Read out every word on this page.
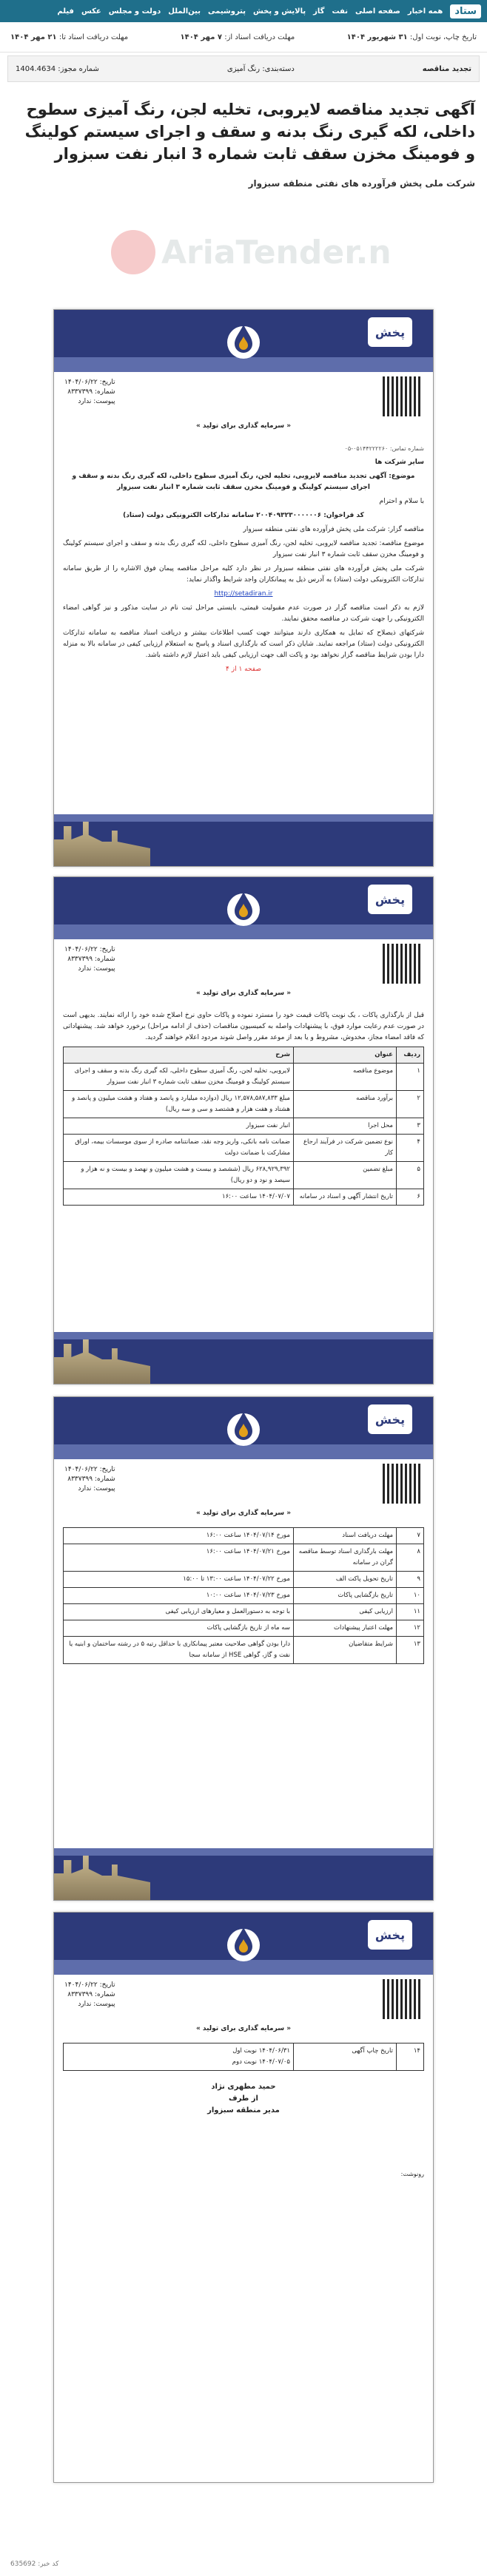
ستاد
همه اخبار
صفحه اصلی
نفت
گاز
پالایش و پخش
پتروشیمی
بین‌الملل
دولت و مجلس
عکس
فیلم
تاریخ چاپ، نوبت اول: ۳۱ شهریور ۱۴۰۴
مهلت دریافت اسناد از: ۷ مهر ۱۴۰۴
مهلت دریافت اسناد تا: ۲۱ مهر ۱۴۰۴
تجدید مناقصه
دسته‌بندی: رنگ آمیزی
شماره مجوز: 1404.4634
آگهی تجدید مناقصه لایروبی، تخلیه لجن، رنگ آمیزی سطوح داخلی، لکه گیری رنگ بدنه و سقف و اجرای سیستم کولینگ و فومینگ مخزن سقف ثابت شماره 3 انبار نفت سبزوار
شرکت ملی پخش فرآورده های نفتی منطقه سبزوار
AriaTender.n
پخش
تاریخ: ۱۴۰۴/۰۶/۲۲
شماره: ۸۳۳۷۳۹۹
پیوست: ندارد
« سرمایه گذاری برای تولید »

شماره تماس: ۰۵۱۴۴۲۲۲۲۶۰-۰۵

سایر شرکت ها

موضوع: آگهی تجدید مناقصه لایروبی، تخلیه لجن، رنگ آمیزی سطوح داخلی، لکه گیری رنگ بدنه و سقف و اجرای سیستم کولینگ و فومینگ مخزن سقف ثابت شماره ۳ انبار نفت سبزوار

با سلام و احترام

کد فراخوان: ۲۰۰۴۰۹۳۲۳۰۰۰۰۰۰۶ سامانه تدارکات الکترونیکی دولت (ستاد)

مناقصه گزار: شرکت ملی پخش فرآورده های نفتی منطقه سبزوار

موضوع مناقصه: تجدید مناقصه لایروبی، تخلیه لجن، رنگ آمیزی سطوح داخلی، لکه گیری رنگ بدنه و سقف و اجرای سیستم کولینگ و فومینگ مخزن سقف ثابت شماره ۳ انبار نفت سبزوار

شرکت ملی پخش فرآورده های نفتی منطقه سبزوار در نظر دارد کلیه مراحل مناقصه پیمان فوق الاشاره را از طریق سامانه تدارکات الکترونیکی دولت (ستاد) به آدرس ذیل به پیمانکاران واجد شرایط واگذار نماید:

http://setadiran.ir

لازم به ذکر است مناقصه گزار در صورت عدم مقبولیت قیمتی، بایستی مراحل ثبت نام در سایت مذکور و نیز گواهی امضاء الکترونیکی را جهت شرکت در مناقصه محقق نمایند.

شرکتهای ذیصلاح که تمایل به همکاری دارند میتوانند جهت کسب اطلاعات بیشتر و دریافت اسناد مناقصه به سامانه تدارکات الکترونیکی دولت (ستاد) مراجعه نمایند. شایان ذکر است که بارگذاری اسناد و پاسخ به استعلام ارزیابی کیفی در سامانه بالا به منزله دارا بودن شرایط مناقصه گزار نخواهد بود و پاکت الف جهت ارزیابی کیفی باید اعتبار لازم داشته باشد.

صفحه ۱ از ۴

پخش
تاریخ: ۱۴۰۴/۰۶/۲۲
شماره: ۸۳۳۷۳۹۹
پیوست: ندارد
« سرمایه گذاری برای تولید »

قبل از بارگذاری پاکات ، یک نوبت پاکات قیمت خود را مسترد نموده و پاکات حاوی نرخ اصلاح شده خود را ارائه نمایند. بدیهی است در صورت عدم رعایت موارد فوق، با پیشنهادات واصله به کمیسیون مناقصات (حذف از ادامه مراحل) برخورد خواهد شد. پیشنهاداتی که فاقد امضاء مجاز، مخدوش، مشروط و یا بعد از موعد مقرر واصل شوند مردود اعلام خواهند گردید.

ردیف	عنوان	شرح
۱	موضوع مناقصه	لایروبی، تخلیه لجن، رنگ آمیزی سطوح داخلی، لکه گیری رنگ بدنه و سقف و اجرای سیستم کولینگ و فومینگ مخزن سقف ثابت شماره ۳ انبار نفت سبزوار
۲	برآورد مناقصه	مبلغ ۱۲,۵۷۸,۵۸۷,۸۳۳ ریال (دوازده میلیارد و پانصد و هفتاد و هشت میلیون و پانصد و هشتاد و هفت هزار و هشتصد و سی و سه ریال)
۳	محل اجرا	انبار نفت سبزوار
۴	نوع تضمین شرکت در فرآیند ارجاع کار	ضمانت نامه بانکی، واریز وجه نقد، ضمانتنامه صادره از سوی موسسات بیمه، اوراق مشارکت با ضمانت دولت
۵	مبلغ تضمین	۶۲۸,۹۲۹,۳۹۲ ریال (ششصد و بیست و هشت میلیون و نهصد و بیست و نه هزار و سیصد و نود و دو ریال)
۶	تاریخ انتشار آگهی و اسناد در سامانه	۱۴۰۴/۰۷/۰۷ ساعت ۱۶:۰۰
پخش
تاریخ: ۱۴۰۴/۰۶/۲۲
شماره: ۸۳۳۷۳۹۹
پیوست: ندارد
« سرمایه گذاری برای تولید »
۷	مهلت دریافت اسناد	مورخ ۱۴۰۴/۰۷/۱۴ ساعت ۱۶:۰۰
۸	مهلت بارگذاری اسناد توسط مناقصه گران در سامانه	مورخ ۱۴۰۴/۰۷/۲۱ ساعت ۱۶:۰۰
۹	تاریخ تحویل پاکت الف	مورخ ۱۴۰۴/۰۷/۲۲ ساعت ۱۳:۰۰ تا ۱۵:۰۰
۱۰	تاریخ بازگشایی پاکات	مورخ ۱۴۰۴/۰۷/۲۳ ساعت ۱۰:۰۰
۱۱	ارزیابی کیفی	با توجه به دستورالعمل و معیارهای ارزیابی کیفی
۱۲	مهلت اعتبار پیشنهادات	سه ماه از تاریخ بازگشایی پاکات
۱۳	شرایط متقاضیان	دارا بودن گواهی صلاحیت معتبر پیمانکاری با حداقل رتبه ۵ در رشته ساختمان و ابنیه یا نفت و گاز، گواهی HSE از سامانه سجا
پخش
تاریخ: ۱۴۰۴/۰۶/۲۲
شماره: ۸۳۳۷۳۹۹
پیوست: ندارد
« سرمایه گذاری برای تولید »
۱۴	تاریخ چاپ آگهی	۱۴۰۴/۰۶/۳۱ نوبت اول
۱۴۰۴/۰۷/۰۵ نوبت دوم
حمید مطهری نژاد
از طرف
مدیر منطقه سبزوار

رونوشت:

635692 :کد خبر
